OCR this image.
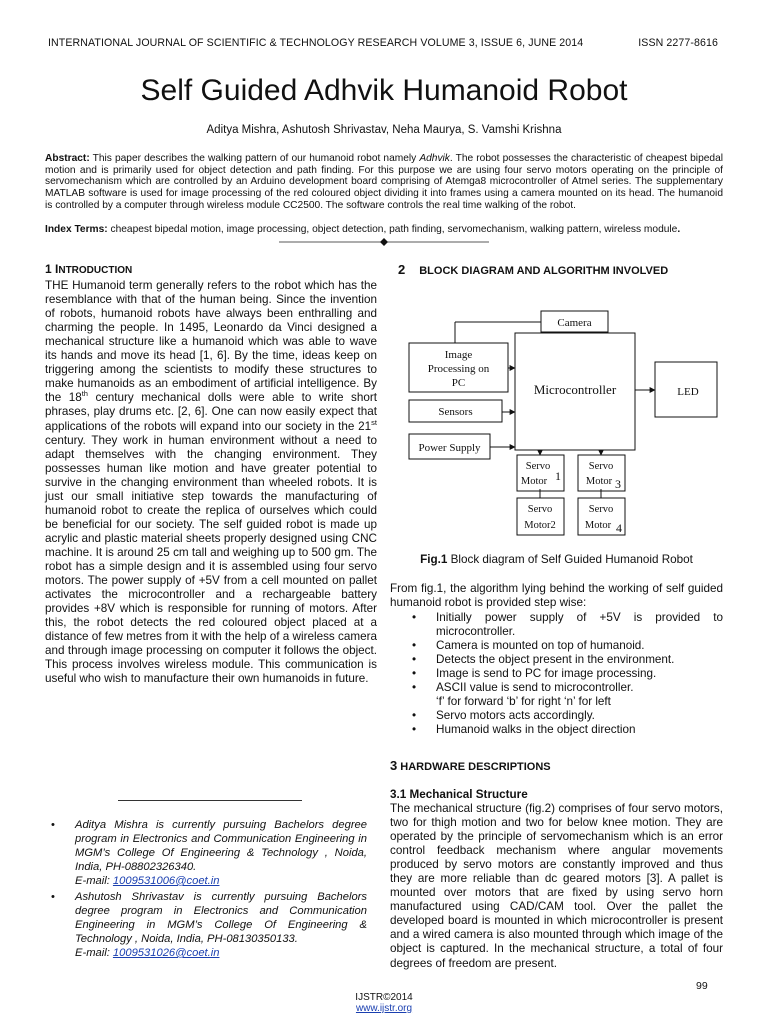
INTERNATIONAL JOURNAL OF SCIENTIFIC & TECHNOLOGY RESEARCH VOLUME 3, ISSUE 6, JUNE 2014	ISSN 2277-8616
Self Guided Adhvik Humanoid Robot
Aditya Mishra, Ashutosh Shrivastav, Neha Maurya, S. Vamshi Krishna
Abstract: This paper describes the walking pattern of our humanoid robot namely Adhvik. The robot possesses the characteristic of cheapest bipedal motion and is primarily used for object detection and path finding. For this purpose we are using four servo motors operating on the principle of servomechanism which are controlled by an Arduino development board comprising of Atemga8 microcontroller of Atmel series. The supplementary MATLAB software is used for image processing of the red coloured object dividing it into frames using a camera mounted on its head. The humanoid is controlled by a computer through wireless module CC2500. The software controls the real time walking of the robot.
Index Terms: cheapest bipedal motion, image processing, object detection, path finding, servomechanism, walking pattern, wireless module.
1 INTRODUCTION
THE Humanoid term generally refers to the robot which has the resemblance with that of the human being. Since the invention of robots, humanoid robots have always been enthralling and charming the people. In 1495, Leonardo da Vinci designed a mechanical structure like a humanoid which was able to wave its hands and move its head [1, 6]. By the time, ideas keep on triggering among the scientists to modify these structures to make humanoids as an embodiment of artificial intelligence. By the 18th century mechanical dolls were able to write short phrases, play drums etc. [2, 6]. One can now easily expect that applications of the robots will expand into our society in the 21st century. They work in human environment without a need to adapt themselves with the changing environment. They possesses human like motion and have greater potential to survive in the changing environment than wheeled robots. It is just our small initiative step towards the manufacturing of humanoid robot to create the replica of ourselves which could be beneficial for our society. The self guided robot is made up acrylic and plastic material sheets properly designed using CNC machine. It is around 25 cm tall and weighing up to 500 gm. The robot has a simple design and it is assembled using four servo motors. The power supply of +5V from a cell mounted on pallet activates the microcontroller and a rechargeable battery provides +8V which is responsible for running of motors. After this, the robot detects the red coloured object placed at a distance of few metres from it with the help of a wireless camera and through image processing on computer it follows the object. This process involves wireless module. This communication is useful who wish to manufacture their own humanoids in future.
• Aditya Mishra is currently pursuing Bachelors degree program in Electronics and Communication Engineering in MGM’s College Of Engineering & Technology , Noida, India, PH-08802326340.
E-mail: 1009531006@coet.in
• Ashutosh Shrivastav is currently pursuing Bachelors degree program in Electronics and Communication Engineering in MGM’s College Of Engineering & Technology , Noida, India, PH-08130350133.
E-mail: 1009531026@coet.in
2 BLOCK DIAGRAM AND ALGORITHM INVOLVED
Camera
Image
Processing on
PC
Sensors
Power Supply
Microcontroller	LED
Servo
Motor 1
Servo
Motor 3
Servo
Motor2
Servo
Motor 4
Fig.1 Block diagram of Self Guided Humanoid Robot
From fig.1, the algorithm lying behind the working of self guided humanoid robot is provided step wise:
• Initially power supply of +5V is provided to microcontroller.
• Camera is mounted on top of humanoid.
• Detects the object present in the environment.
• Image is send to PC for image processing.
• ASCII value is send to microcontroller.
‘f’ for forward ‘b’ for right ‘n’ for left
• Servo motors acts accordingly.
• Humanoid walks in the object direction
3 HARDWARE DESCRIPTIONS
3.1 Mechanical Structure
The mechanical structure (fig.2) comprises of four servo motors, two for thigh motion and two for below knee motion. They are operated by the principle of servomechanism which is an error control feedback mechanism where angular movements produced by servo motors are constantly improved and thus they are more reliable than dc geared motors [3]. A pallet is mounted over motors that are fixed by using servo horn manufactured using CAD/CAM tool. Over the pallet the developed board is mounted in which microcontroller is present and a wired camera is also mounted through which image of the object is captured. In the mechanical structure, a total of four degrees of freedom are present.
99
IJSTR©2014
www.ijstr.org
